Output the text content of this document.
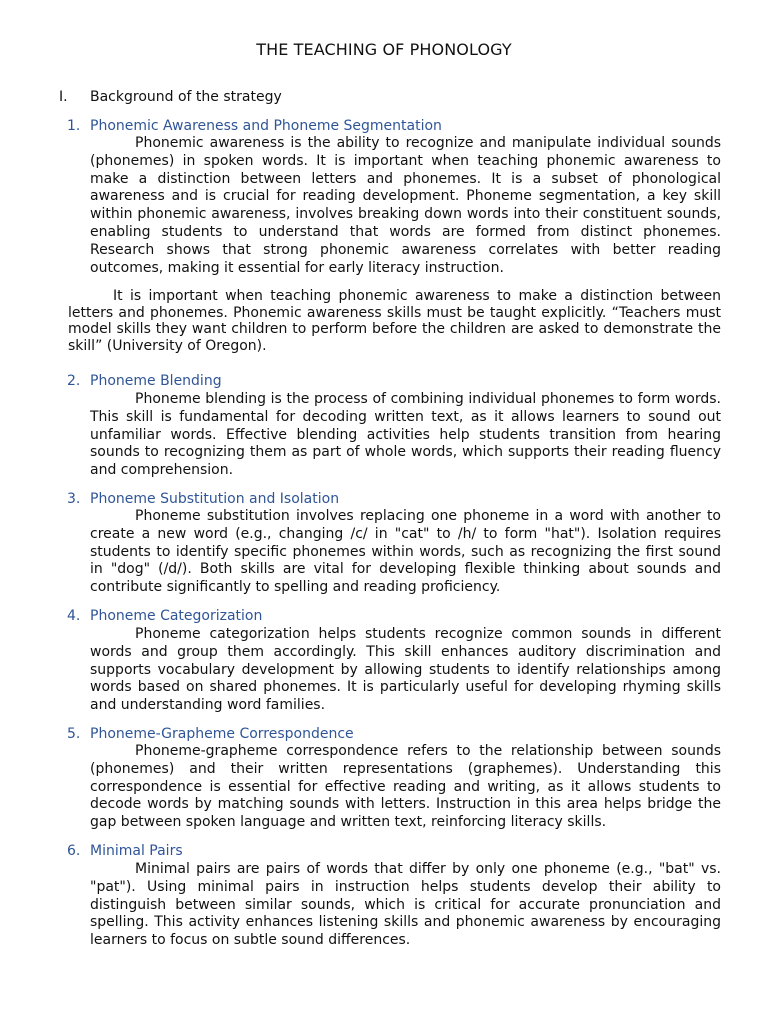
THE TEACHING OF PHONOLOGY
I. Background of the strategy
1. Phonemic Awareness and Phoneme Segmentation

Phonemic awareness is the ability to recognize and manipulate individual sounds (phonemes) in spoken words. It is important when teaching phonemic awareness to make a distinction between letters and phonemes. It is a subset of phonological awareness and is crucial for reading development. Phoneme segmentation, a key skill within phonemic awareness, involves breaking down words into their constituent sounds, enabling students to understand that words are formed from distinct phonemes. Research shows that strong phonemic awareness correlates with better reading outcomes, making it essential for early literacy instruction.

It is important when teaching phonemic awareness to make a distinction between letters and phonemes. Phonemic awareness skills must be taught explicitly. “Teachers must model skills they want children to perform before the children are asked to demonstrate the skill” (University of Oregon).

2. Phoneme Blending

Phoneme blending is the process of combining individual phonemes to form words. This skill is fundamental for decoding written text, as it allows learners to sound out unfamiliar words. Effective blending activities help students transition from hearing sounds to recognizing them as part of whole words, which supports their reading fluency and comprehension.

3. Phoneme Substitution and Isolation

Phoneme substitution involves replacing one phoneme in a word with another to create a new word (e.g., changing /c/ in "cat" to /h/ to form "hat"). Isolation requires students to identify specific phonemes within words, such as recognizing the first sound in "dog" (/d/). Both skills are vital for developing flexible thinking about sounds and contribute significantly to spelling and reading proficiency.

4. Phoneme Categorization

Phoneme categorization helps students recognize common sounds in different words and group them accordingly. This skill enhances auditory discrimination and supports vocabulary development by allowing students to identify relationships among words based on shared phonemes. It is particularly useful for developing rhyming skills and understanding word families.

5. Phoneme-Grapheme Correspondence

Phoneme-grapheme correspondence refers to the relationship between sounds (phonemes) and their written representations (graphemes). Understanding this correspondence is essential for effective reading and writing, as it allows students to decode words by matching sounds with letters. Instruction in this area helps bridge the gap between spoken language and written text, reinforcing literacy skills.

6. Minimal Pairs

Minimal pairs are pairs of words that differ by only one phoneme (e.g., "bat" vs. "pat"). Using minimal pairs in instruction helps students develop their ability to distinguish between similar sounds, which is critical for accurate pronunciation and spelling. This activity enhances listening skills and phonemic awareness by encouraging learners to focus on subtle sound differences.
